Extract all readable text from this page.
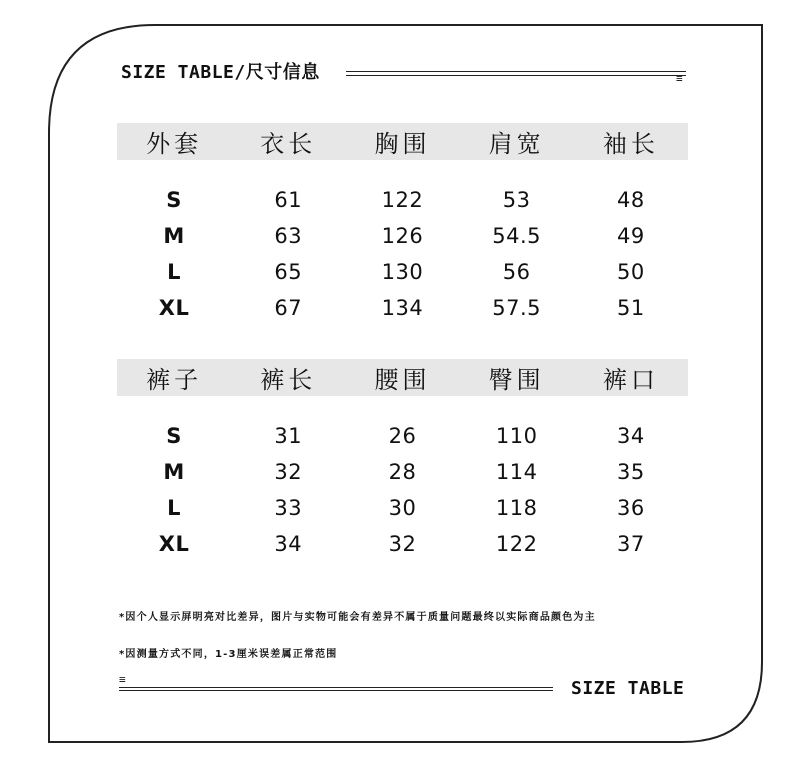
SIZE TABLE/尺寸信息	≡
外套	衣长	胸围	肩宽	袖长
S	61	122	53	48
M	63	126	54.5	49
L	65	130	56	50
XL	67	134	57.5	51
裤子	裤长	腰围	臀围	裤口
S	31	26	110	34
M	32	28	114	35
L	33	30	118	36
XL	34	32	122	37
*因个人显示屏明亮对比差异，图片与实物可能会有差异不属于质量问题最终以实际商品颜色为主
*因测量方式不同，1-3厘米误差属正常范围
≡	SIZE TABLE
